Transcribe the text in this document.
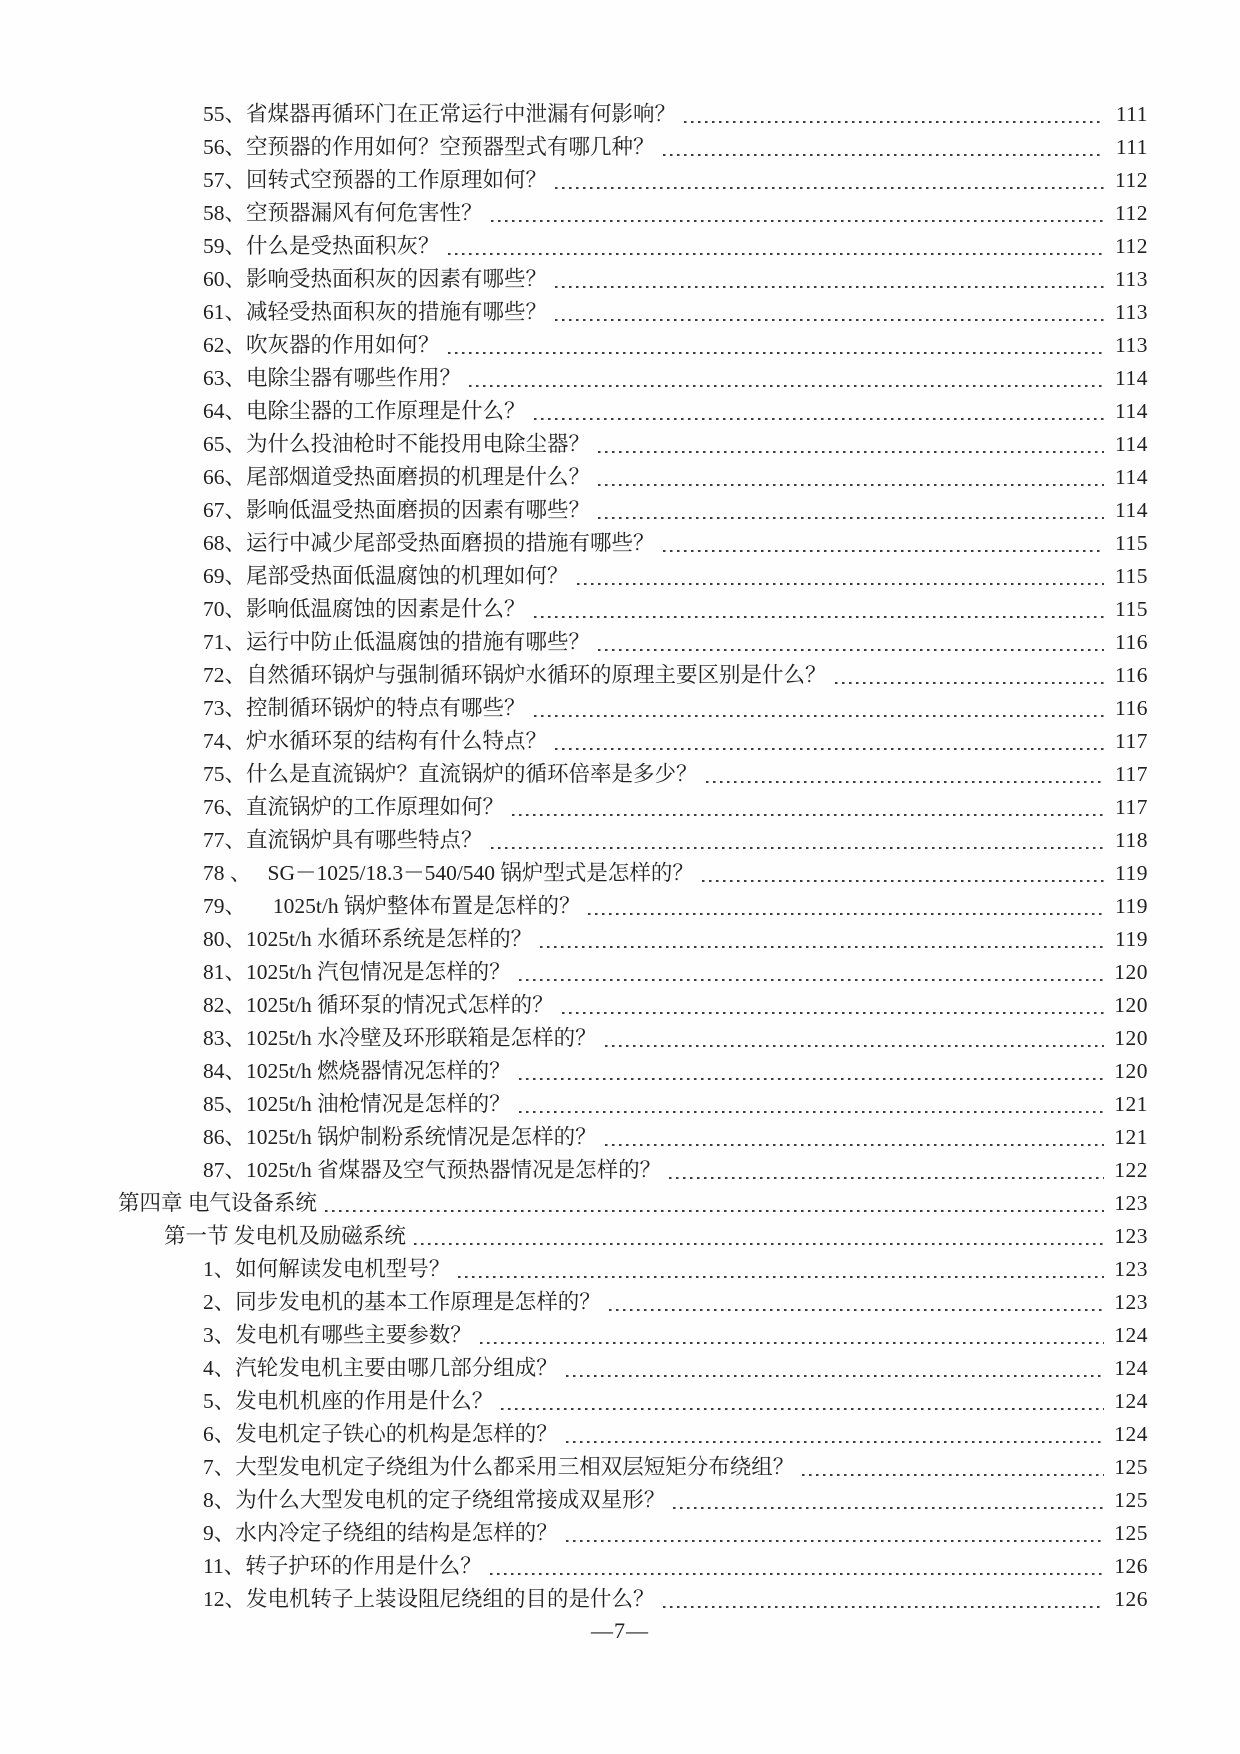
55、省煤器再循环门在正常运行中泄漏有何影响？	111
56、空预器的作用如何？空预器型式有哪几种？	111
57、回转式空预器的工作原理如何？	112
58、空预器漏风有何危害性？	112
59、什么是受热面积灰？	112
60、影响受热面积灰的因素有哪些？	113
61、减轻受热面积灰的措施有哪些？	113
62、吹灰器的作用如何？	113
63、电除尘器有哪些作用？	114
64、电除尘器的工作原理是什么？	114
65、为什么投油枪时不能投用电除尘器？	114
66、尾部烟道受热面磨损的机理是什么？	114
67、影响低温受热面磨损的因素有哪些？	114
68、运行中减少尾部受热面磨损的措施有哪些？	115
69、尾部受热面低温腐蚀的机理如何？	115
70、影响低温腐蚀的因素是什么？	115
71、运行中防止低温腐蚀的措施有哪些？	116
72、自然循环锅炉与强制循环锅炉水循环的原理主要区别是什么？	116
73、控制循环锅炉的特点有哪些？	116
74、炉水循环泵的结构有什么特点？	117
75、什么是直流锅炉？直流锅炉的循环倍率是多少？	117
76、直流锅炉的工作原理如何？	117
77、直流锅炉具有哪些特点？	118
78 、   SG－1025/18.3－540/540 锅炉型式是怎样的？	119
79、     1025t/h 锅炉整体布置是怎样的？	119
80、1025t/h 水循环系统是怎样的？	119
81、1025t/h 汽包情况是怎样的？	120
82、1025t/h 循环泵的情况式怎样的？	120
83、1025t/h 水冷壁及环形联箱是怎样的？	120
84、1025t/h 燃烧器情况怎样的？	120
85、1025t/h 油枪情况是怎样的？	121
86、1025t/h 锅炉制粉系统情况是怎样的？	121
87、1025t/h 省煤器及空气预热器情况是怎样的？	122
第四章 电气设备系统	123
第一节 发电机及励磁系统	123
1、如何解读发电机型号？	123
2、同步发电机的基本工作原理是怎样的？	123
3、发电机有哪些主要参数？	124
4、汽轮发电机主要由哪几部分组成？	124
5、发电机机座的作用是什么？	124
6、发电机定子铁心的机构是怎样的？	124
7、大型发电机定子绕组为什么都采用三相双层短矩分布绕组？	125
8、为什么大型发电机的定子绕组常接成双星形？	125
9、水内冷定子绕组的结构是怎样的？	125
11、转子护环的作用是什么？	126
12、发电机转子上装设阻尼绕组的目的是什么？	126
—7—
